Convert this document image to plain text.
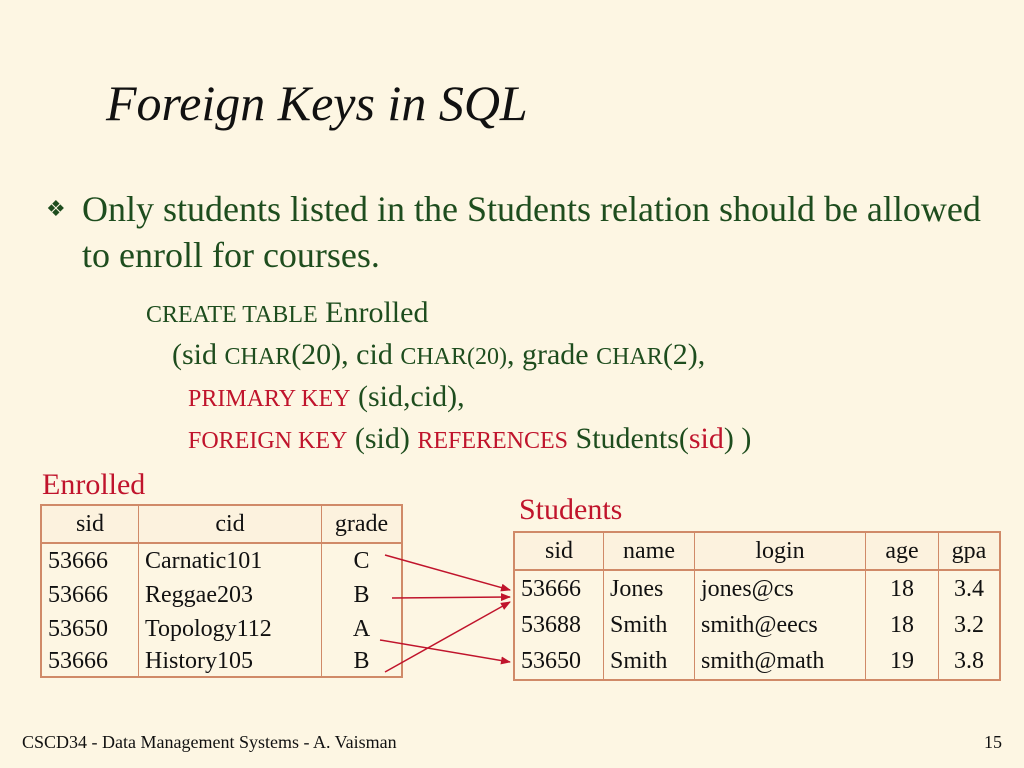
Foreign Keys in SQL
❖ Only students listed in the Students relation should be allowed to enroll for courses.
CREATE TABLE Enrolled
(sid CHAR(20), cid CHAR(20), grade CHAR(2),
PRIMARY KEY (sid,cid),
FOREIGN KEY (sid) REFERENCES Students(sid) )
Enrolled
sid	cid	grade
53666	Carnatic101	C
53666	Reggae203	B
53650	Topology112	A
53666	History105	B
Students
sid	name	login	age	gpa
53666	Jones	jones@cs	18	3.4
53688	Smith	smith@eecs	18	3.2
53650	Smith	smith@math	19	3.8
CSCD34 - Data Management Systems - A. Vaisman	15
